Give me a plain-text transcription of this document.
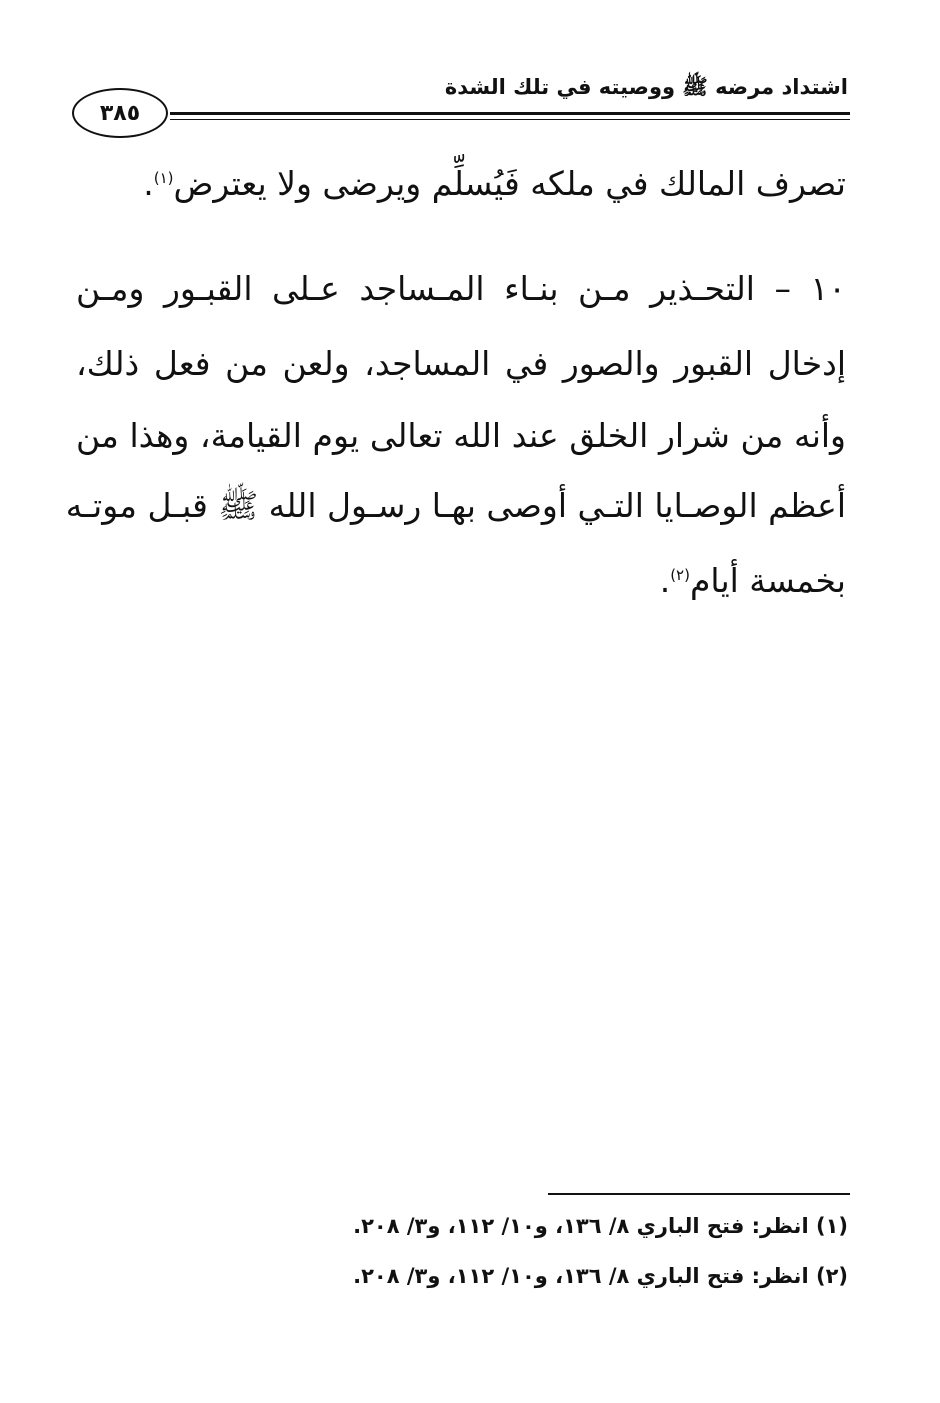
اشتداد مرضه ﷺ ووصيته في تلك الشدة
٣٨٥
تصرف المالك في ملكه فَيُسلِّم ويرضى ولا يعترض$^{(١)}$.
١٠ – التحـذير مـن بنـاء المـساجد عـلى القبـور ومـن
إدخال القبور والصور في المساجد، ولعن من فعل ذلك،
وأنه من شرار الخلق عند الله تعالى يوم القيامة، وهذا من
أعظم الوصـايا التـي أوصى بهـا رسـول الله ﷺ قبـل موتـه
بخمسة أيام$^{(٢)}$.
(١) انظر: فتح الباري ٨/ ١٣٦، و١٠/ ١١٢، و٣/ ٢٠٨.
(٢) انظر: فتح الباري ٨/ ١٣٦، و١٠/ ١١٢، و٣/ ٢٠٨.
